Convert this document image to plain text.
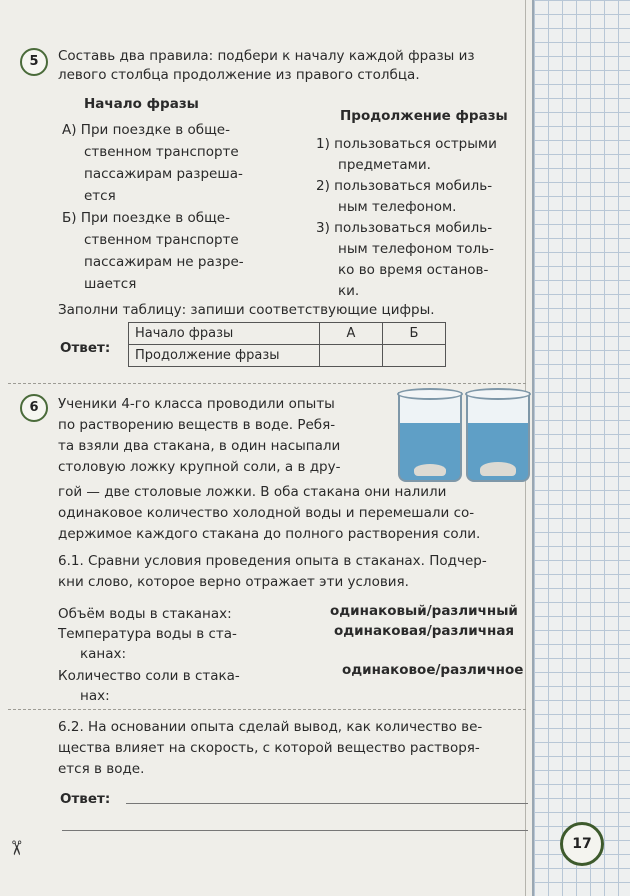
5	Составь два правила: подбери к началу каждой фразы из
левого столбца продолжение из правого столбца.
Начало фразы
Продолжение фразы
А) При поездке в обще-
ственном транспорте
пассажирам разреша-
ется
Б) При поездке в обще-
ственном транспорте
пассажирам не разре-
шается
1) пользоваться острыми
предметами.
2) пользоваться мобиль-
ным телефоном.
3) пользоваться мобиль-
ным телефоном толь-
ко во время останов-
ки.
Заполни таблицу: запиши соответствующие цифры.
Ответ:
Начало фразы	А	Б
Продолжение фразы		
6	Ученики 4-го класса проводили опыты
по растворению веществ в воде. Ребя-
та взяли два стакана, в один насыпали
столовую ложку крупной соли, а в дру-
гой — две столовые ложки. В оба стакана они налили
одинаковое количество холодной воды и перемешали со-
держимое каждого стакана до полного растворения соли.
6.1. Сравни условия проведения опыта в стаканах. Подчер-
кни слово, которое верно отражает эти условия.
Объём воды в стаканах:	одинаковый/различный
Температура воды в ста-
канах:
одинаковая/различная
Количество соли в стака-
нах:
одинаковое/различное
6.2. На основании опыта сделай вывод, как количество ве-
щества влияет на скорость, с которой вещество растворя-
ется в воде.
Ответ:
✂	17
